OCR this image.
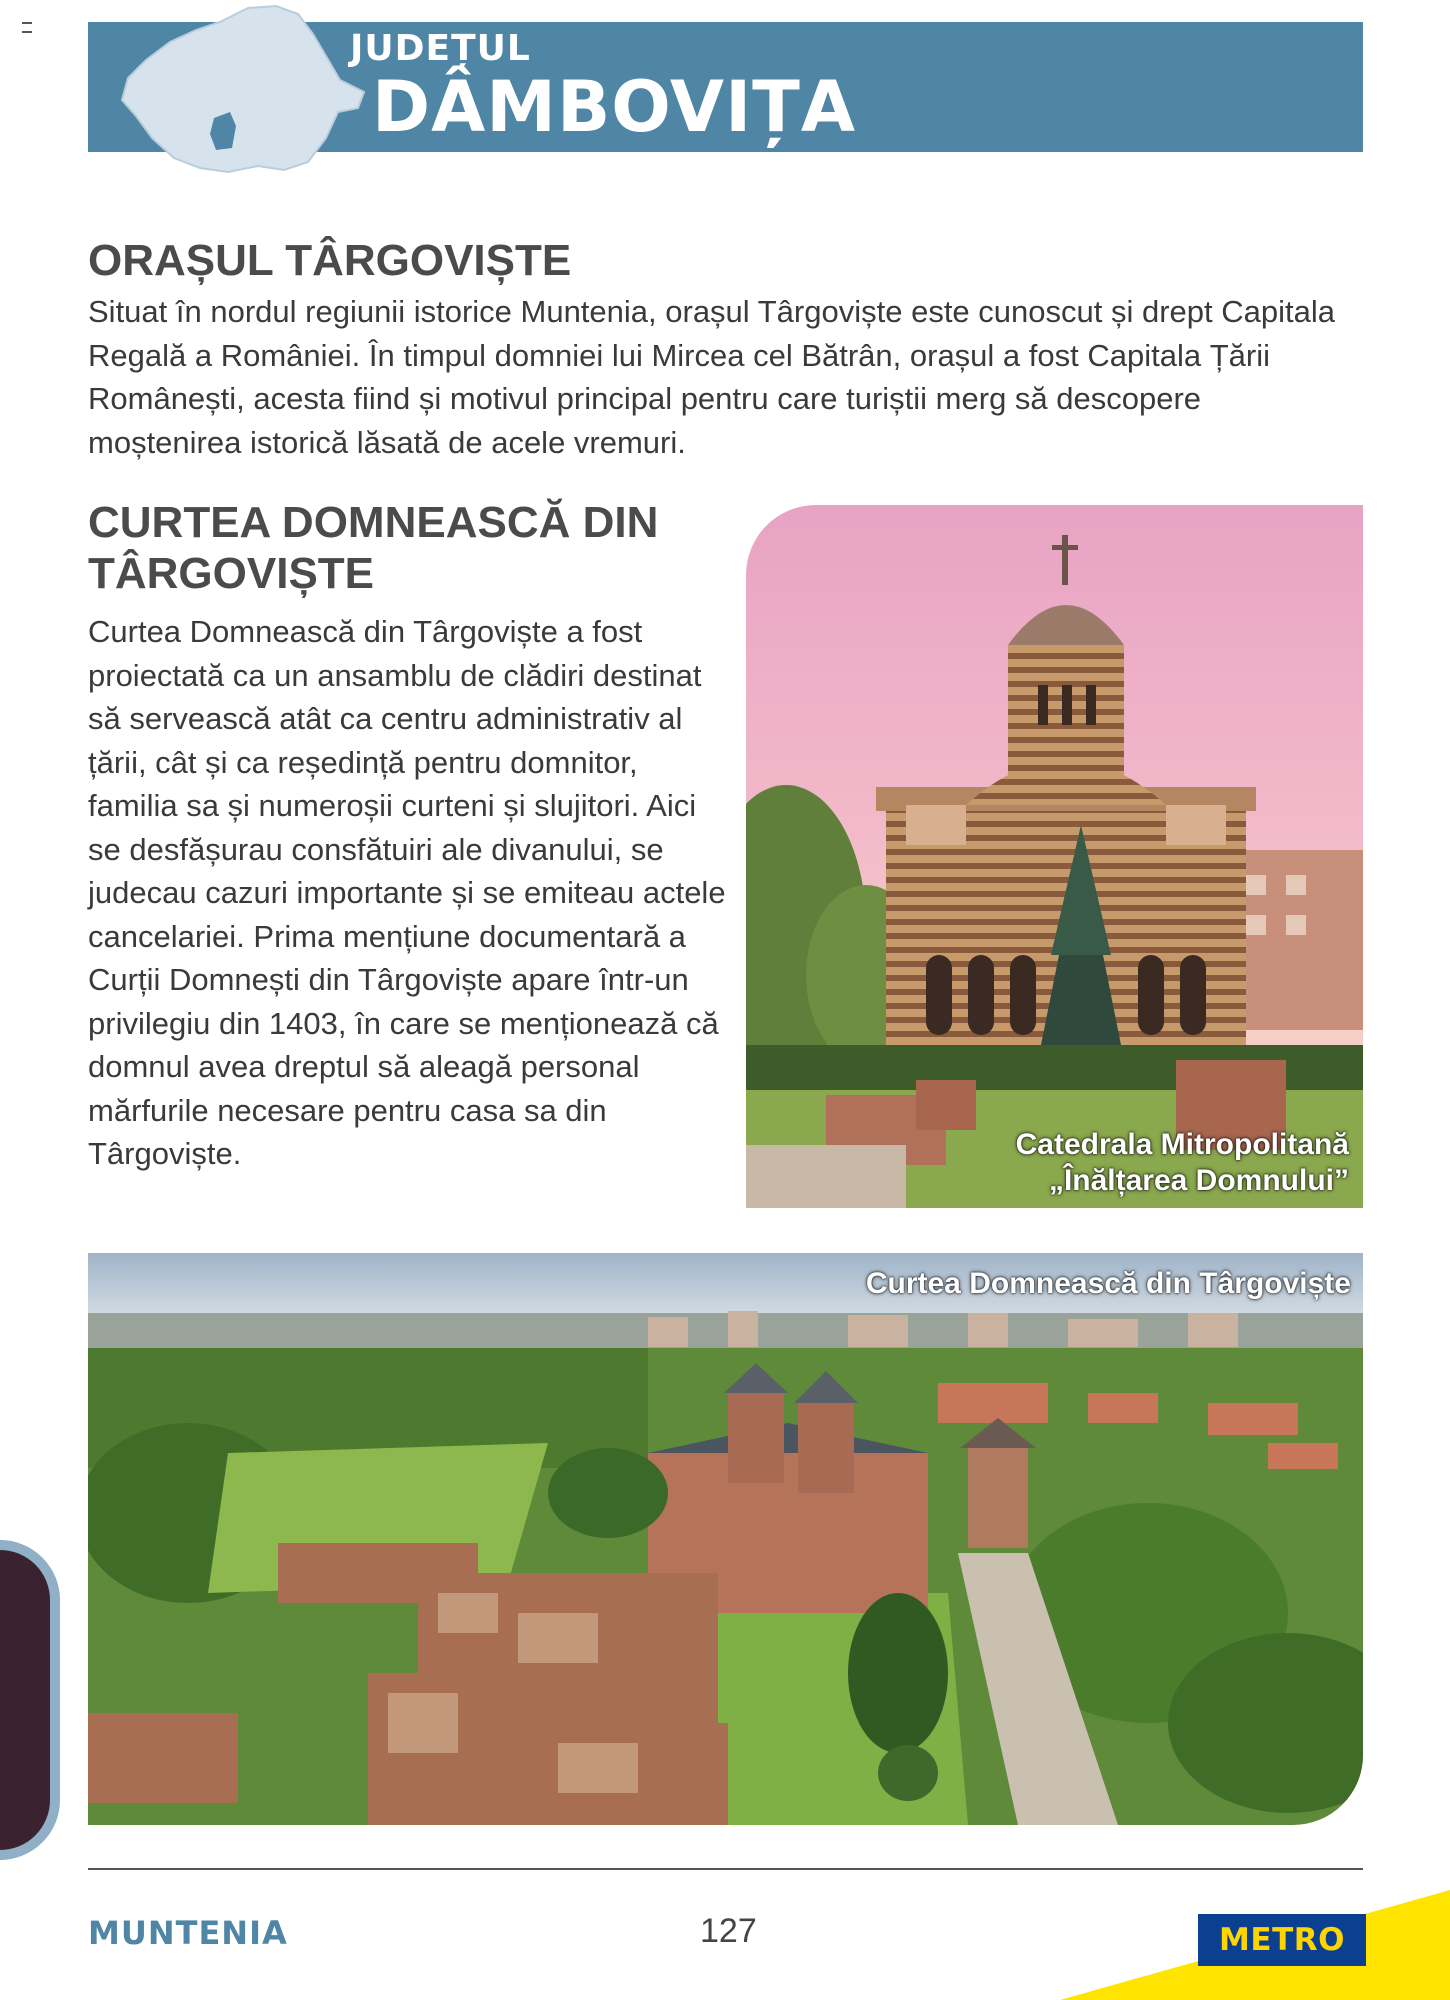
JUDEȚUL
DÂMBOVIȚA
ORAȘUL TÂRGOVIȘTE
Situat în nordul regiunii istorice Muntenia, orașul Târgoviște este cunoscut și drept Capitala Regală a României. În timpul domniei lui Mircea cel Bătrân, orașul a fost Capitala Țării Românești, acesta fiind și motivul principal pentru care turiștii merg să descopere moștenirea istorică lăsată de acele vremuri.
CURTEA DOMNEASCĂ DIN TÂRGOVIȘTE
Curtea Domnească din Târgoviște a fost proiectată ca un ansamblu de clădiri destinat să servească atât ca centru administrativ al țării, cât și ca reședință pentru domnitor, familia sa și numeroșii curteni și slujitori. Aici se desfășurau consfătuiri ale divanului, se judecau cazuri importante și se emiteau actele cancelariei. Prima mențiune documentară a Curții Domnești din Târgoviște apare într-un privilegiu din 1403, în care se menționează că domnul avea dreptul să aleagă personal mărfurile necesare pentru casa sa din Târgoviște.	Catedrala Mitropolitană
„Înălțarea Domnului”
Curtea Domnească din Târgoviște
MUNTENIA	127	METRO
